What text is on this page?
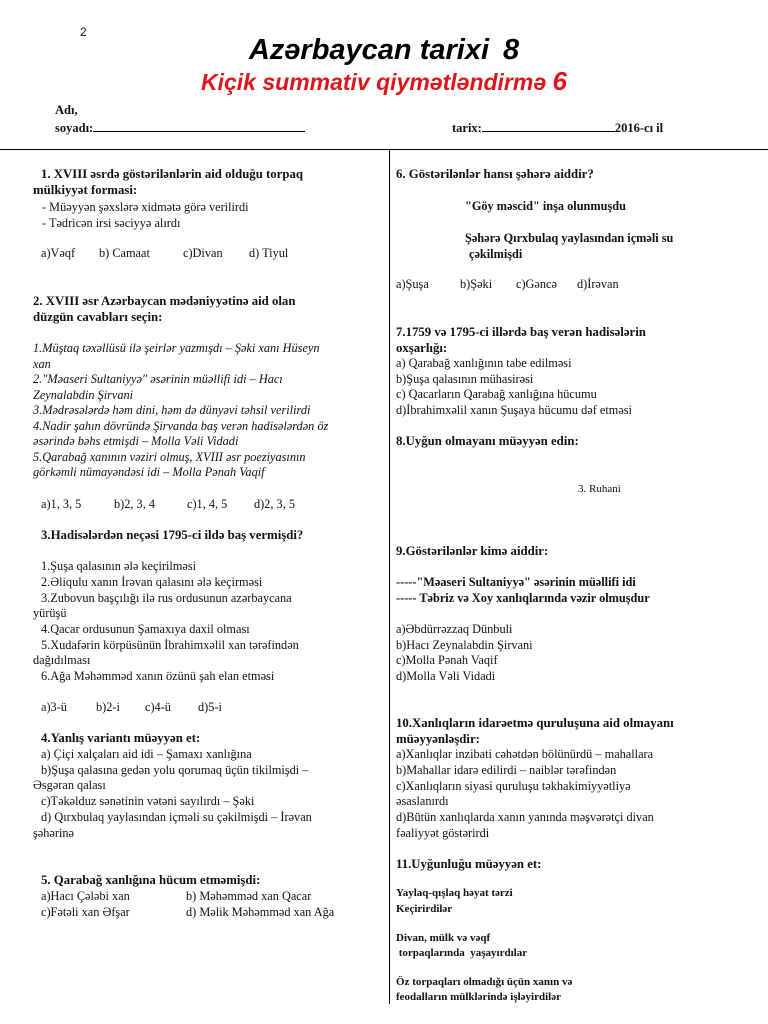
2
Azərbaycan tarixi 8
Kiçik summativ qiymətləndirmə 6
Adı,
soyadı:	tarix:	2016-cı il
1. XVIII əsrdə göstərilənlərin aid olduğu torpaq
mülkiyyət formasi:
- Müəyyən şəxslərə xidmətə görə verilirdi
- Tədricən irsi səciyyə alırdı
a)Vəqf b) Camaat	c)Divan d) Tiyul
2. XVIII əsr Azərbaycan mədəniyyətinə aid olan
düzgün cavabları seçin:
1.Müştaq təxəllüsü ilə şeirlər yazmışdı – Şəki xanı Hüseyn
xan
2."Məaseri Sultaniyyə" əsərinin müəllifi idi – Hacı
Zeynalabdin Şirvani
3.Mədrəsələrdə həm dini, həm də dünyəvi təhsil verilirdi
4.Nadir şahın dövründə Şirvanda baş verən hadisələrdən öz
əsərində bəhs etmişdi – Molla Vəli Vidadi
5.Qarabağ xanının vəziri olmuş, XVIII əsr poeziyasının
görkəmli nümayəndəsi idi – Molla Pənah Vaqif
a)1, 3, 5	b)2, 3, 4	c)1, 4, 5 d)2, 3, 5
3.Hadisələrdən neçəsi 1795-ci ildə baş vermişdi?
1.Şuşa qalasının ələ keçirilməsi
2.Əliqulu xanın İrəvan qalasını ələ keçirməsi
3.Zubovun başçılığı ilə rus ordusunun azərbaycana
yürüşü
4.Qacar ordusunun Şamaxıya daxil olması
5.Xudafərin körpüsünün İbrahimxəlil xan tərəfindən
dağıdılması
6.Ağa Məhəmməd xanın özünü şah elan etməsi
a)3-ü b)2-i c)4-ü d)5-i
4.Yanlış variantı müəyyən et:
a) Çiçi xalçaları aid idi – Şamaxı xanlığına
b)Şuşa qalasına gedən yolu qorumaq üçün tikilmişdi –
Əsgəran qalası
c)Təkəlduz sənətinin vətəni sayılırdı – Şəki
d) Qırxbulaq yaylasından içməli su çəkilmişdi – İrəvan
şəhərinə
5. Qarabağ xanlığına hücum etməmişdi:
a)Hacı Çələbi xan	b) Məhəmməd xan Qacar
c)Fətəli xan Əfşar	d) Məlik Məhəmməd xan Ağa
6. Göstərilənlər hansı şəhərə aiddir?
"Göy məscid" inşa olunmuşdu
Şəhərə Qırxbulaq yaylasından içməli su
çəkilmişdi
a)Şuşa	b)Şəki c)Gəncə d)İrəvan
7.1759 və 1795-ci illərdə baş verən hadisələrin
oxşarlığı:
a) Qarabağ xanlığının tabe edilməsi
b)Şuşa qalasının mühasirəsi
c) Qacarların Qarabağ xanlığına hücumu
d)İbrahimxəlil xanın Şuşaya hücumu dəf etməsi
8.Uyğun olmayanı müəyyən edin:
3. Ruhani
9.Göstərilənlər kimə aiddir:
-----"Məaseri Sultaniyyə" əsərinin müəllifi idi
----- Təbriz və Xoy xanlıqlarında vəzir olmuşdur
a)Əbdürrəzzaq Dünbuli
b)Hacı Zeynalabdin Şirvani
c)Molla Pənah Vaqif
d)Molla Vəli Vidadi
10.Xanlıqların idarəetmə quruluşuna aid olmayanı
müəyyənləşdir:
a)Xanlıqlar inzibati cəhətdən bölünürdü – mahallara
b)Mahallar idarə edilirdi – naiblər tərəfindən
c)Xanlıqların siyasi quruluşu təkhakimiyyətliyə
əsaslanırdı
d)Bütün xanlıqlarda xanın yanında məşvərətçi divan
fəaliyyət göstərirdi
11.Uyğunluğu müəyyən et:
Yaylaq-qışlaq həyat tərzi
Keçirirdilər
Divan, mülk və vəqf
torpaqlarında  yaşayırdılar
Öz torpaqları olmadığı üçün xanın və
feodalların mülklərində işləyirdilər
